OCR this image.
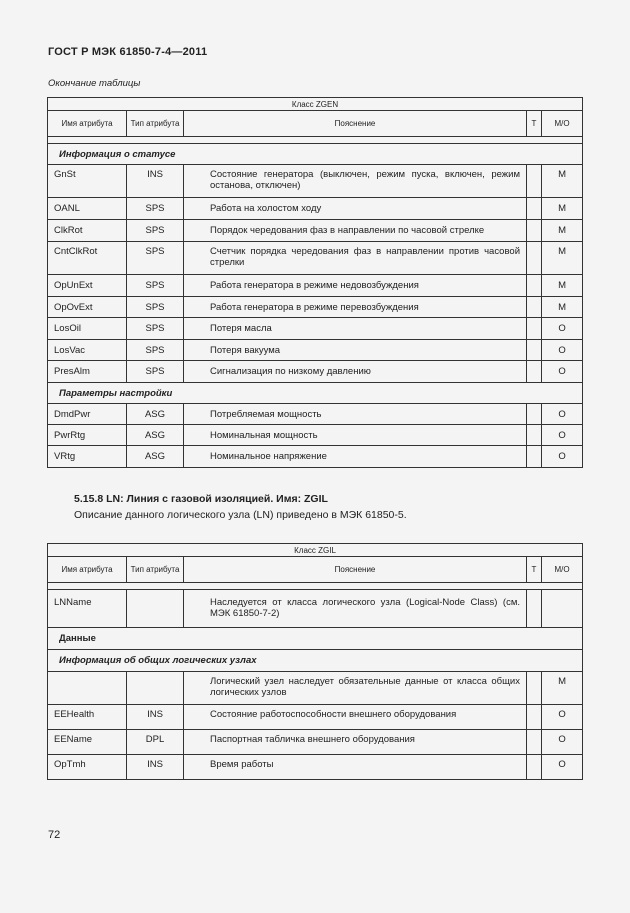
ГОСТ Р МЭК 61850-7-4—2011
Окончание таблицы
Класс ZGEN				
Имя атрибута	Тип атрибута	Пояснение	T	M/O

Информация о статусе				
GnSt	INS	Состояние генератора (выключен, режим пуска, включен, режим останова, отключен)		M
OANL	SPS	Работа на холостом ходу		M
ClkRot	SPS	Порядок чередования фаз в направлении по часовой стрелке		M
CntClkRot	SPS	Счетчик порядка чередования фаз в направлении против часовой стрелки		M
OpUnExt	SPS	Работа генератора в режиме недовозбуждения		M
OpOvExt	SPS	Работа генератора в режиме перевозбуждения		M
LosOil	SPS	Потеря масла		O
LosVac	SPS	Потеря вакуума		O
PresAlm	SPS	Сигнализация по низкому давлению		O
Параметры настройки				
DmdPwr	ASG	Потребляемая мощность		O
PwrRtg	ASG	Номинальная мощность		O
VRtg	ASG	Номинальное напряжение		O
5.15.8 LN: Линия с газовой изоляцией. Имя: ZGIL
Описание данного логического узла (LN) приведено в МЭК 61850-5.
Класс ZGIL				
Имя атрибута	Тип атрибута	Пояснение	T	M/O

LNName		Наследуется от класса логического узла (Logical-Node Class) (см. МЭК 61850-7-2)		

Данные				
Информация об общих логических узлах				

		Логический узел наследует обязательные данные от класса общих логических узлов		M
EEHealth	INS	Состояние работоспособности внешнего оборудования		O
EEName	DPL	Паспортная табличка внешнего оборудования		O
OpTmh	INS	Время работы		O
72
